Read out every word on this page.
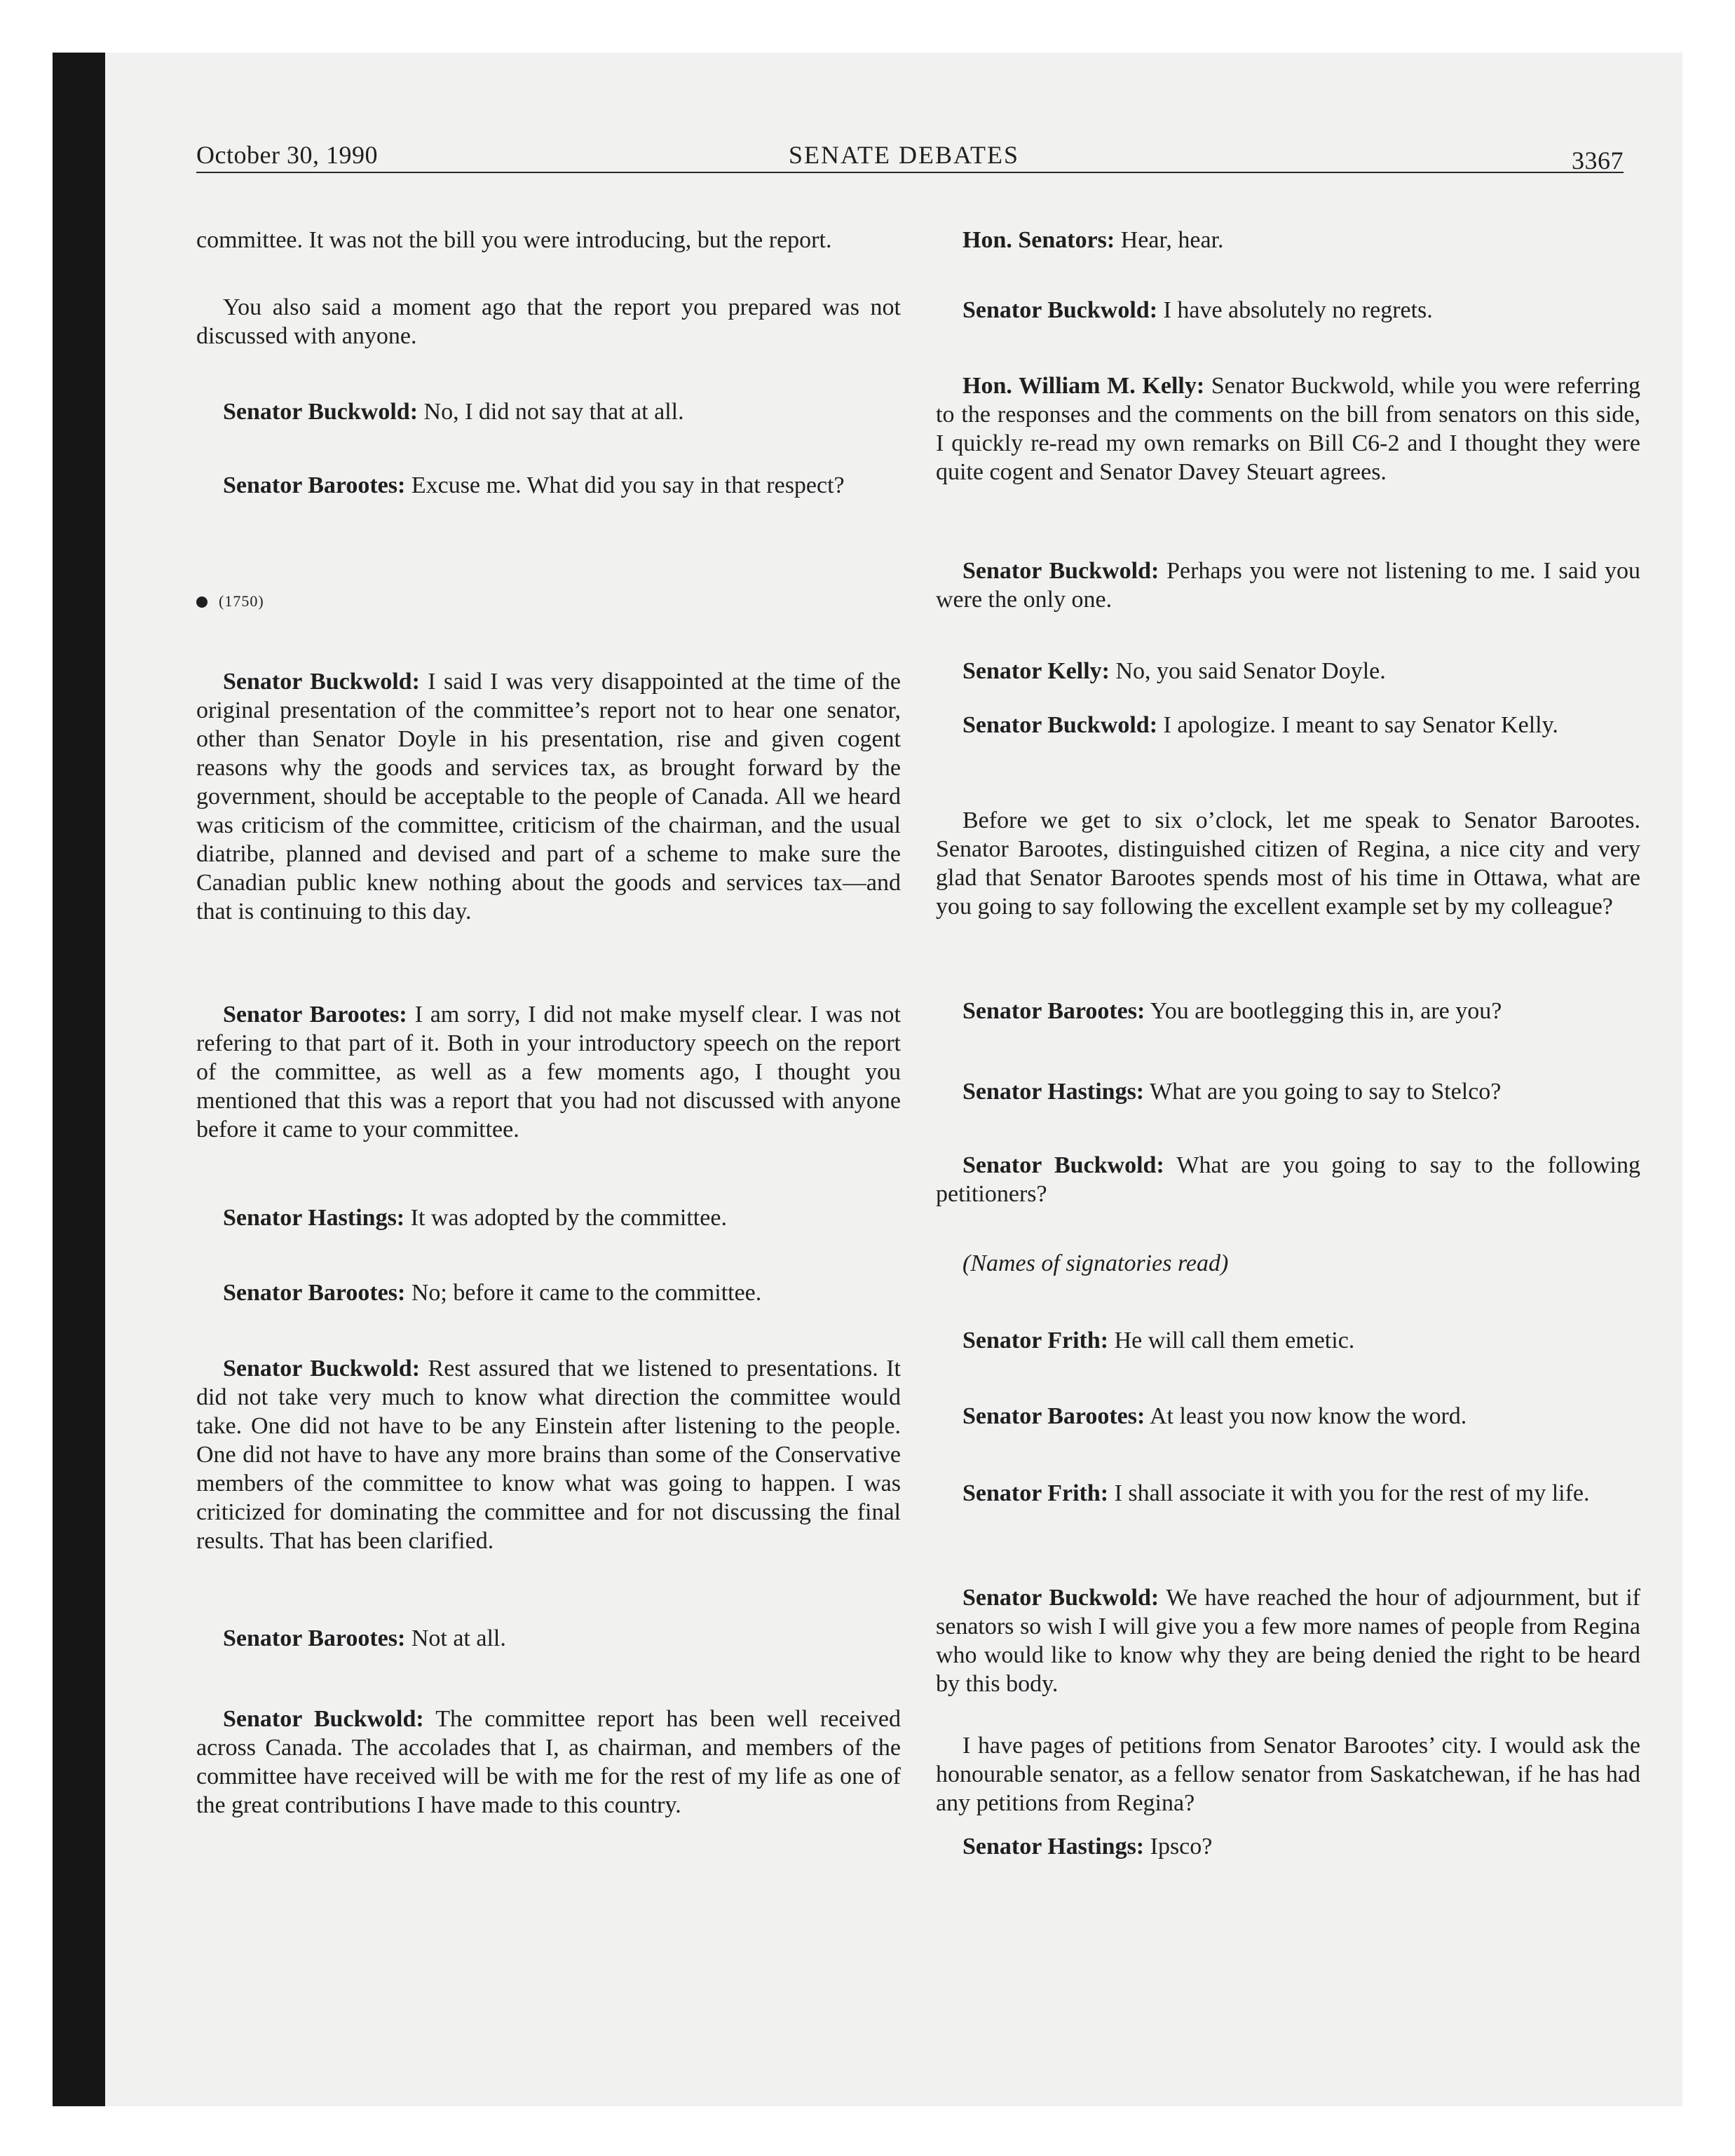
October 30, 1990	SENATE DEBATES	3367

committee. It was not the bill you were introducing, but the report.

You also said a moment ago that the report you prepared was not discussed with anyone.

Senator Buckwold: No, I did not say that at all.

Senator Barootes: Excuse me. What did you say in that respect?

(1750)

Senator Buckwold: I said I was very disappointed at the time of the original presentation of the committee’s report not to hear one senator, other than Senator Doyle in his presentation, rise and given cogent reasons why the goods and services tax, as brought forward by the government, should be acceptable to the people of Canada. All we heard was criticism of the committee, criticism of the chairman, and the usual diatribe, planned and devised and part of a scheme to make sure the Canadian public knew nothing about the goods and services tax—and that is continuing to this day.

Senator Barootes: I am sorry, I did not make myself clear. I was not refering to that part of it. Both in your introductory speech on the report of the committee, as well as a few moments ago, I thought you mentioned that this was a report that you had not discussed with anyone before it came to your committee.

Senator Hastings: It was adopted by the committee.

Senator Barootes: No; before it came to the committee.

Senator Buckwold: Rest assured that we listened to presentations. It did not take very much to know what direction the committee would take. One did not have to be any Einstein after listening to the people. One did not have to have any more brains than some of the Conservative members of the committee to know what was going to happen. I was criticized for dominating the committee and for not discussing the final results. That has been clarified.

Senator Barootes: Not at all.

Senator Buckwold: The committee report has been well received across Canada. The accolades that I, as chairman, and members of the committee have received will be with me for the rest of my life as one of the great contributions I have made to this country.

Hon. Senators: Hear, hear.

Senator Buckwold: I have absolutely no regrets.

Hon. William M. Kelly: Senator Buckwold, while you were referring to the responses and the comments on the bill from senators on this side, I quickly re-read my own remarks on Bill C6-2 and I thought they were quite cogent and Senator Davey Steuart agrees.

Senator Buckwold: Perhaps you were not listening to me. I said you were the only one.

Senator Kelly: No, you said Senator Doyle.

Senator Buckwold: I apologize. I meant to say Senator Kelly.

Before we get to six o’clock, let me speak to Senator Barootes. Senator Barootes, distinguished citizen of Regina, a nice city and very glad that Senator Barootes spends most of his time in Ottawa, what are you going to say following the excellent example set by my colleague?

Senator Barootes: You are bootlegging this in, are you?

Senator Hastings: What are you going to say to Stelco?

Senator Buckwold: What are you going to say to the following petitioners?

(Names of signatories read)

Senator Frith: He will call them emetic.

Senator Barootes: At least you now know the word.

Senator Frith: I shall associate it with you for the rest of my life.

Senator Buckwold: We have reached the hour of adjournment, but if senators so wish I will give you a few more names of people from Regina who would like to know why they are being denied the right to be heard by this body.

I have pages of petitions from Senator Barootes’ city. I would ask the honourable senator, as a fellow senator from Saskatchewan, if he has had any petitions from Regina?

Senator Hastings: Ipsco?
